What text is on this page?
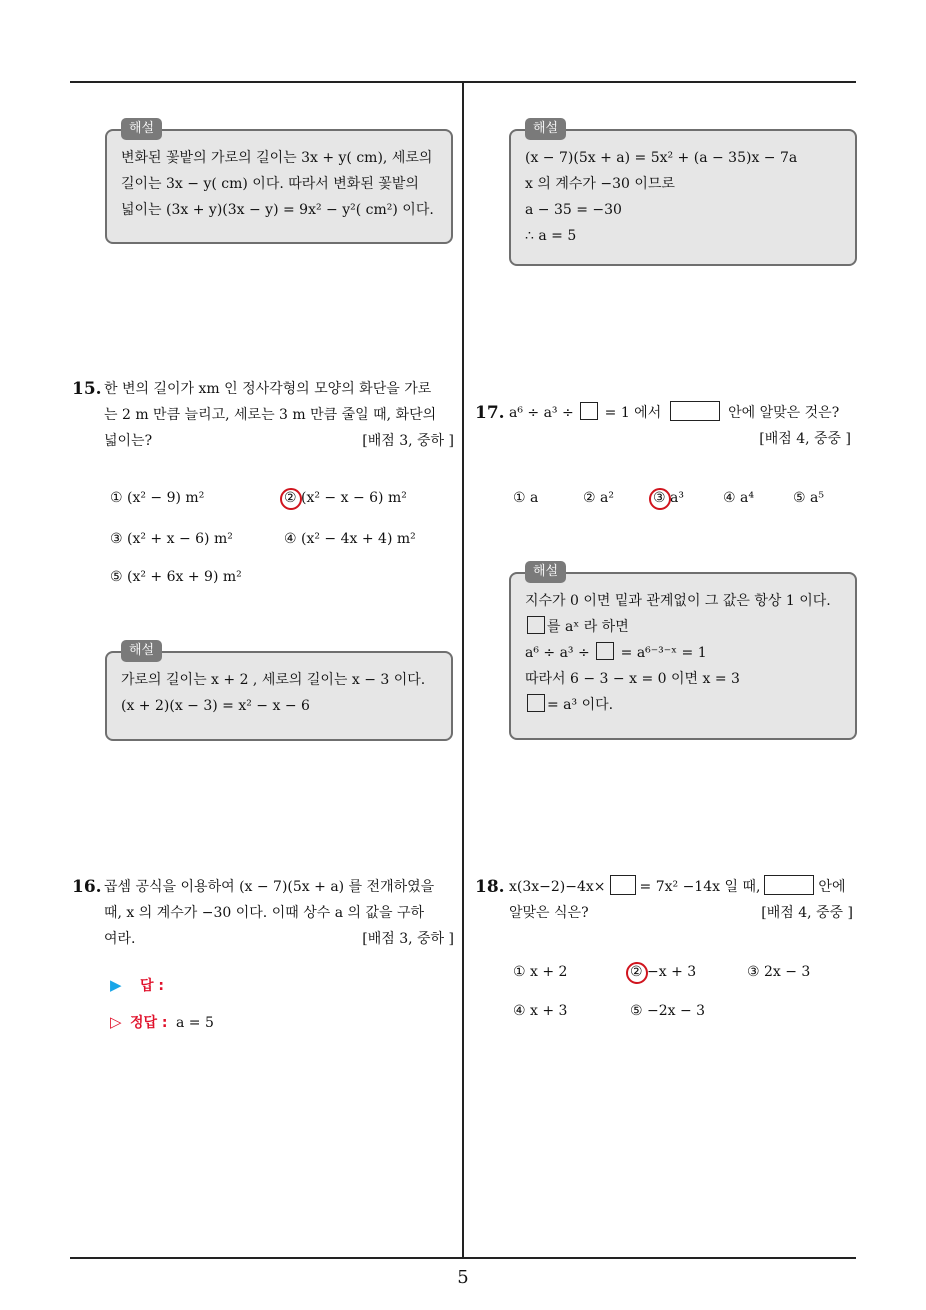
해설
변화된 꽃밭의 가로의 길이는 3x + y( cm), 세로의
길이는 3x − y( cm) 이다. 따라서 변화된 꽃밭의
넓이는 (3x + y)(3x − y) = 9x² − y²( cm²) 이다.
해설
(x − 7)(5x + a) = 5x² + (a − 35)x − 7a
x 의 계수가 −30 이므로
a − 35 = −30
∴ a = 5
15. 한 변의 길이가 xm 인 정사각형의 모양의 화단을 가로
는 2 m 만큼 늘리고, 세로는 3 m 만큼 줄일 때, 화단의
넓이는?	[배점 3, 중하 ]
① (x² − 9) m²	② (x² − x − 6) m²
③ (x² + x − 6) m²	④ (x² − 4x + 4) m²
⑤ (x² + 6x + 9) m²
해설
가로의 길이는 x + 2 , 세로의 길이는 x − 3 이다.
(x + 2)(x − 3) = x² − x − 6
16. 곱셈 공식을 이용하여 (x − 7)(5x + a) 를 전개하였을
때, x 의 계수가 −30 이다. 이때 상수 a 의 값을 구하
여라.	[배점 3, 중하 ]
▶ 답 :
▷ 정답 : a = 5
17. a⁶ ÷ a³ ÷ = 1 에서	안에 알맞은 것은?
[배점 4, 중중 ]
① a	② a²	③ a³	④ a⁴	⑤ a⁵
해설
지수가 0 이면 밑과 관계없이 그 값은 항상 1 이다.
를 aˣ 라 하면
a⁶ ÷ a³ ÷ = a⁶⁻³⁻ˣ = 1
따라서 6 − 3 − x = 0 이면 x = 3
= a³ 이다.
18. x(3x−2)−4x× = 7x² −14x 일 때,	안에
알맞은 식은?	[배점 4, 중중 ]
① x + 2	② −x + 3	③ 2x − 3
④ x + 3	⑤ −2x − 3
5
